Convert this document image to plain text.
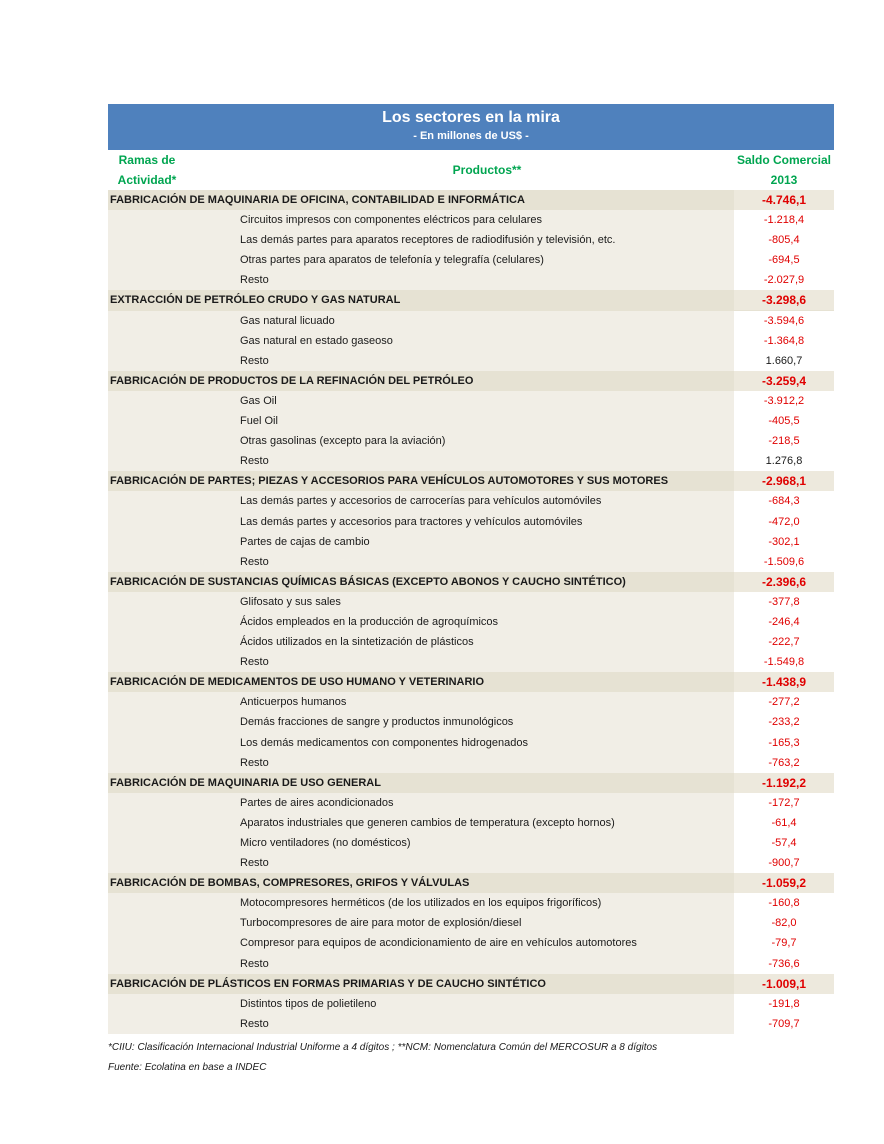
Los sectores en la mira
- En millones de US$ -
Ramas de Actividad*
Productos**
Saldo Comercial 2013
FABRICACIÓN DE MAQUINARIA DE OFICINA, CONTABILIDAD E INFORMÁTICA	-4.746,1
Circuitos impresos con componentes eléctricos para celulares	-1.218,4
Las demás partes para aparatos receptores de radiodifusión y televisión, etc.	-805,4
Otras partes para aparatos de telefonía y telegrafía (celulares)	-694,5
Resto	-2.027,9
EXTRACCIÓN DE PETRÓLEO CRUDO Y GAS NATURAL	-3.298,6
Gas natural licuado	-3.594,6
Gas natural en estado gaseoso	-1.364,8
Resto	1.660,7
FABRICACIÓN DE PRODUCTOS DE LA REFINACIÓN DEL PETRÓLEO	-3.259,4
Gas Oil	-3.912,2
Fuel Oil	-405,5
Otras gasolinas (excepto para la aviación)	-218,5
Resto	1.276,8
FABRICACIÓN DE PARTES; PIEZAS Y ACCESORIOS PARA VEHÍCULOS AUTOMOTORES Y SUS MOTORES	-2.968,1
Las demás partes y accesorios de carrocerías para vehículos automóviles	-684,3
Las demás partes y accesorios para tractores y vehículos automóviles	-472,0
Partes de cajas de cambio	-302,1
Resto	-1.509,6
FABRICACIÓN DE SUSTANCIAS QUÍMICAS BÁSICAS (EXCEPTO ABONOS Y CAUCHO SINTÉTICO)	-2.396,6
Glifosato y sus sales	-377,8
Ácidos empleados en la producción de agroquímicos	-246,4
Ácidos utilizados en la sintetización de plásticos	-222,7
Resto	-1.549,8
FABRICACIÓN DE MEDICAMENTOS DE USO HUMANO Y VETERINARIO	-1.438,9
Anticuerpos humanos	-277,2
Demás fracciones de sangre y productos inmunológicos	-233,2
Los demás medicamentos con componentes hidrogenados	-165,3
Resto	-763,2
FABRICACIÓN DE MAQUINARIA DE USO GENERAL	-1.192,2
Partes de aires acondicionados	-172,7
Aparatos industriales que generen cambios de temperatura (excepto hornos)	-61,4
Micro ventiladores (no domésticos)	-57,4
Resto	-900,7
FABRICACIÓN DE BOMBAS, COMPRESORES, GRIFOS Y VÁLVULAS	-1.059,2
Motocompresores herméticos (de los utilizados en los equipos frigoríficos)	-160,8
Turbocompresores de aire para motor de explosión/diesel	-82,0
Compresor para equipos de acondicionamiento de aire en vehículos automotores	-79,7
Resto	-736,6
FABRICACIÓN DE PLÁSTICOS EN FORMAS PRIMARIAS Y DE CAUCHO SINTÉTICO	-1.009,1
Distintos tipos de polietileno	-191,8
Resto	-709,7
*CIIU: Clasificación Internacional Industrial Uniforme a 4 dígitos ; **NCM: Nomenclatura Común del MERCOSUR a 8 dígitos
Fuente: Ecolatina en base a INDEC
